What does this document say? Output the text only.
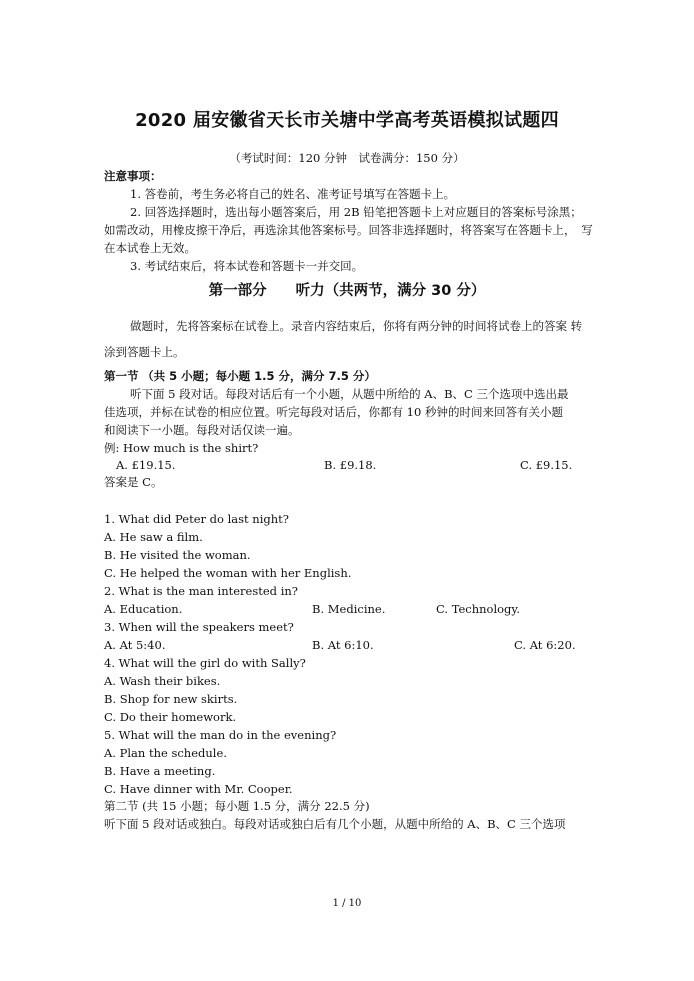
2020 届安徽省天长市关塘中学高考英语模拟试题四
（考试时间：120 分钟　试卷满分：150 分）
注意事项：
1. 答卷前，考生务必将自己的姓名、准考证号填写在答题卡上。
2. 回答选择题时，选出每小题答案后，用 2B 铅笔把答题卡上对应题目的答案标号涂黑；
如需改动，用橡皮擦干净后，再选涂其他答案标号。回答非选择题时，将答案写在答题卡上，　写
在本试卷上无效。
3. 考试结束后，将本试卷和答题卡一并交回。
第一部分　　听力（共两节，满分 30 分）
做题时，先将答案标在试卷上。录音内容结束后，你将有两分钟的时间将试卷上的答案 转
涂到答题卡上。
第一节 （共 5 小题；每小题 1.5 分，满分 7.5 分）
听下面 5 段对话。每段对话后有一个小题，从题中所给的 A、B、C 三个选项中选出最
佳选项，并标在试卷的相应位置。听完每段对话后，你都有 10 秒钟的时间来回答有关小题
和阅读下一小题。每段对话仅读一遍。
例: How much is the shirt?
A. £19.15.	B. £9.18.	C. £9.15.
答案是 C。
1. What did Peter do last night?
A. He saw a film.
B. He visited the woman.
C. He helped the woman with her English.
2. What is the man interested in?
A. Education.	B. Medicine.	C. Technology.
3. When will the speakers meet?
A. At 5:40.	B. At 6:10.	C. At 6:20.
4. What will the girl do with Sally?
A. Wash their bikes.
B. Shop for new skirts.
C. Do their homework.
5. What will the man do in the evening?
A. Plan the schedule.
B. Have a meeting.
C. Have dinner with Mr. Cooper.
第二节 (共 15 小题；每小题 1.5 分，满分 22.5 分)
听下面 5 段对话或独白。每段对话或独白后有几个小题，从题中所给的 A、B、C 三个选项
1 / 10
